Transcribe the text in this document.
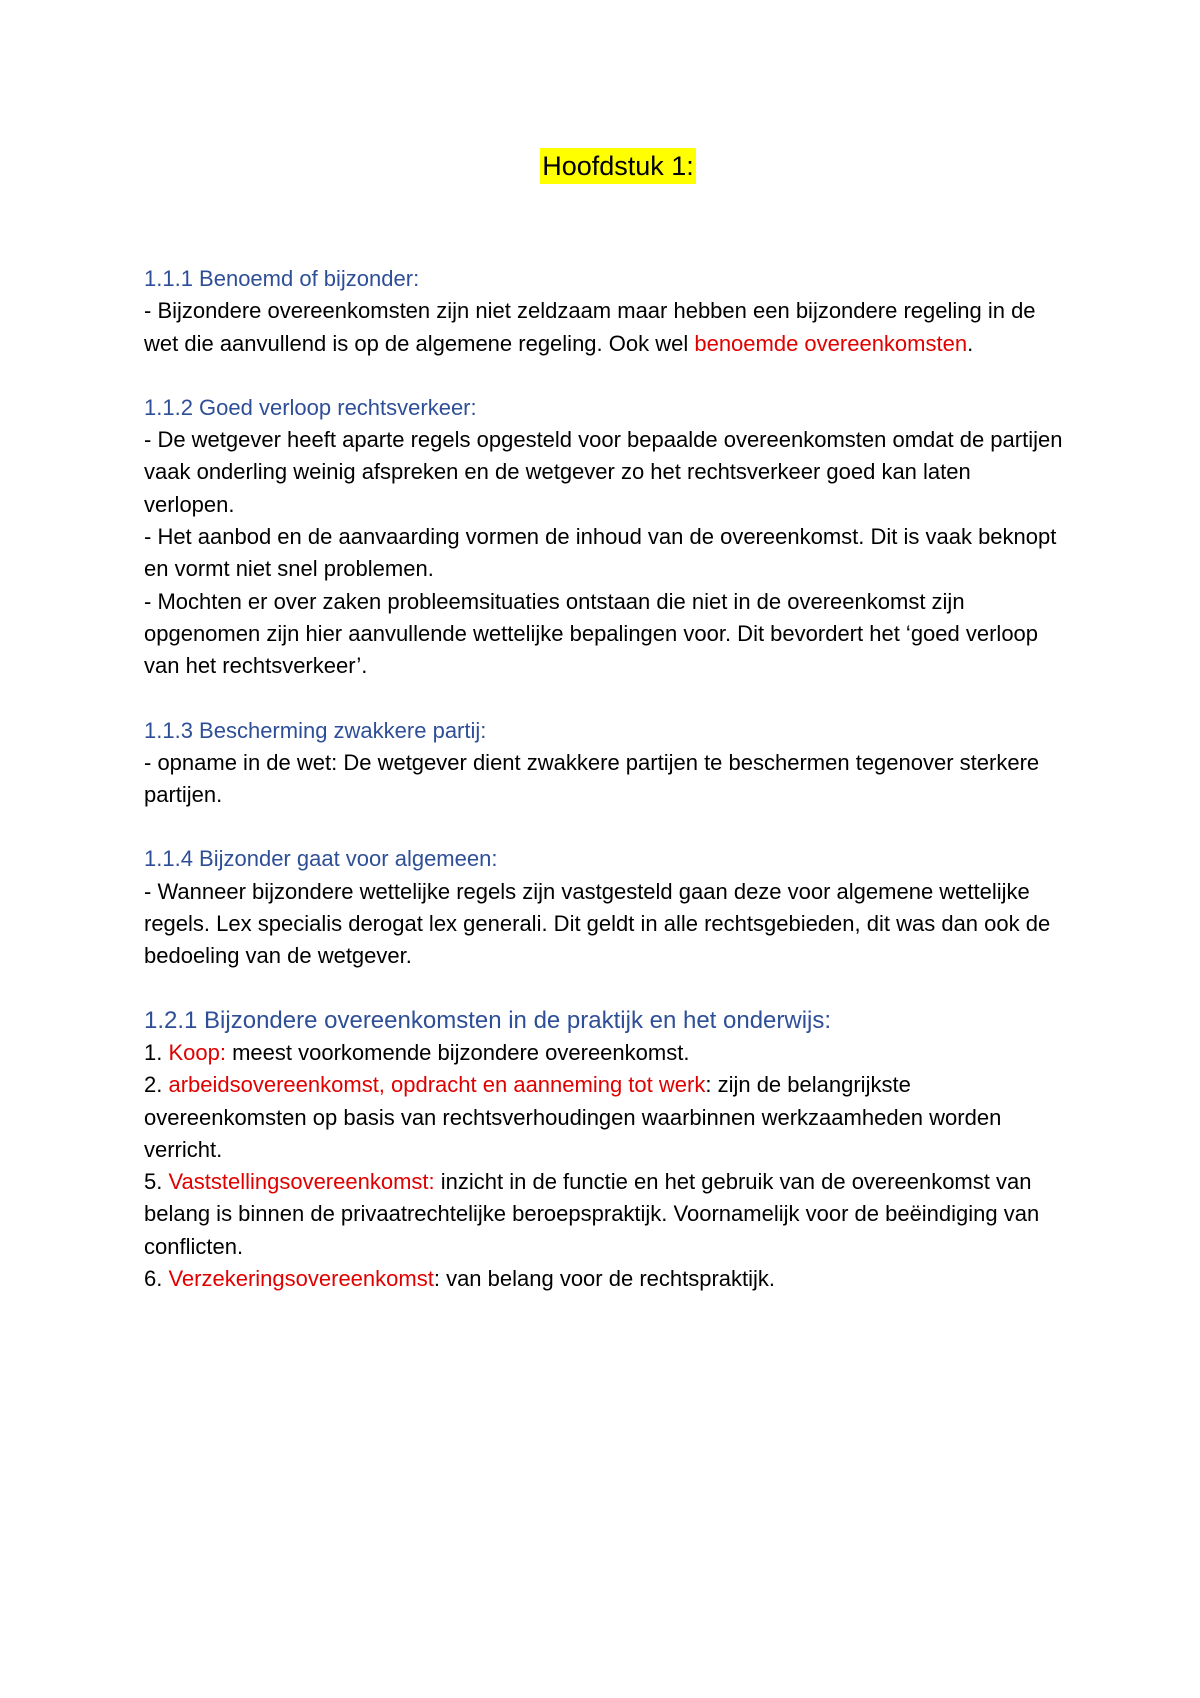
Hoofdstuk 1:

1.1.1 Benoemd of bijzonder:

- Bijzondere overeenkomsten zijn niet zeldzaam maar hebben een bijzondere regeling in de wet die aanvullend is op de algemene regeling. Ook wel benoemde overeenkomsten.

1.1.2 Goed verloop rechtsverkeer:

- De wetgever heeft aparte regels opgesteld voor bepaalde overeenkomsten omdat de partijen vaak onderling weinig afspreken en de wetgever zo het rechtsverkeer goed kan laten verlopen.

- Het aanbod en de aanvaarding vormen de inhoud van de overeenkomst. Dit is vaak beknopt en vormt niet snel problemen.

- Mochten er over zaken probleemsituaties ontstaan die niet in de overeenkomst zijn opgenomen zijn hier aanvullende wettelijke bepalingen voor. Dit bevordert het ‘goed verloop van het rechtsverkeer’.

1.1.3 Bescherming zwakkere partij:

- opname in de wet: De wetgever dient zwakkere partijen te beschermen tegenover sterkere partijen.

1.1.4 Bijzonder gaat voor algemeen:

- Wanneer bijzondere wettelijke regels zijn vastgesteld gaan deze voor algemene wettelijke regels. Lex specialis derogat lex generali. Dit geldt in alle rechtsgebieden, dit was dan ook de bedoeling van de wetgever.

1.2.1 Bijzondere overeenkomsten in de praktijk en het onderwijs:

1. Koop: meest voorkomende bijzondere overeenkomst.

2. arbeidsovereenkomst, opdracht en aanneming tot werk: zijn de belangrijkste overeenkomsten op basis van rechtsverhoudingen waarbinnen werkzaamheden worden verricht.

5. Vaststellingsovereenkomst: inzicht in de functie en het gebruik van de overeenkomst van belang is binnen de privaatrechtelijke beroepspraktijk. Voornamelijk voor de beëindiging van conflicten.

6. Verzekeringsovereenkomst: van belang voor de rechtspraktijk.
